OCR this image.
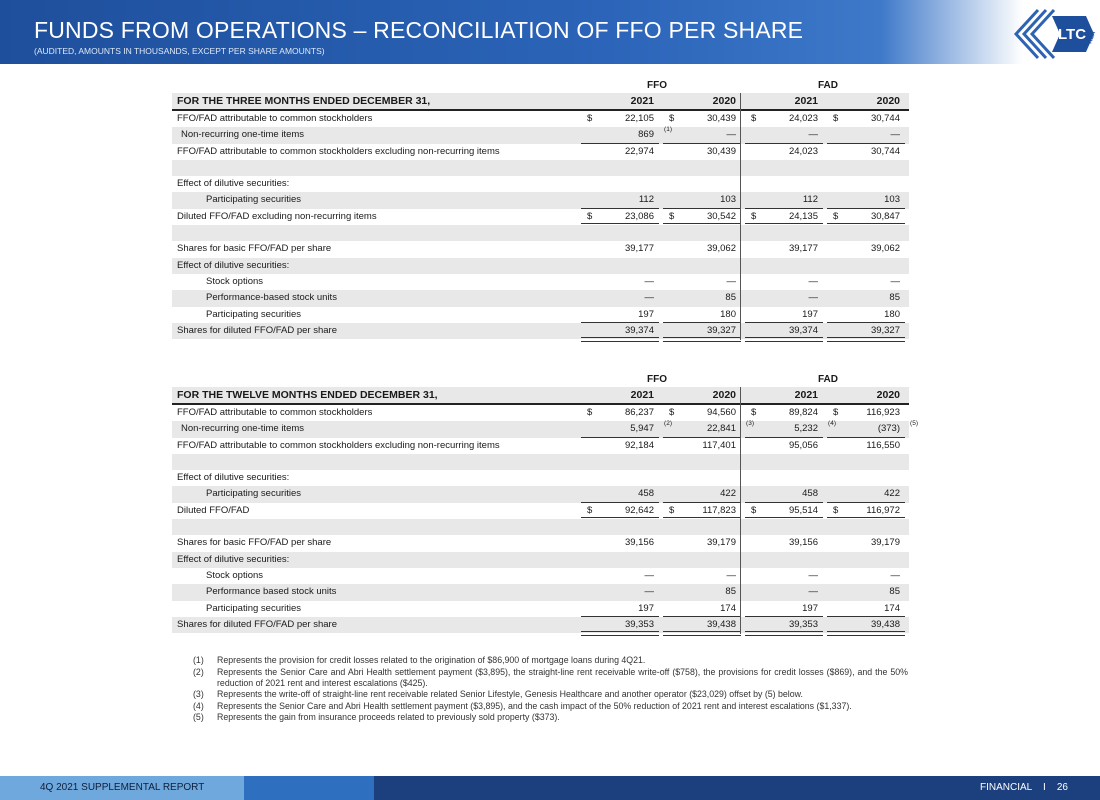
FUNDS FROM OPERATIONS – RECONCILIATION OF FFO PER SHARE
(AUDITED, AMOUNTS IN THOUSANDS, EXCEPT PER SHARE AMOUNTS)
LTC REIT
FFO	FAD
FOR THE THREE MONTHS ENDED DECEMBER 31,	2021	2020	2021	2020
FFO/FAD attributable to common stockholders	$	22,105 $	30,439 $	24,023 $	30,744
Non-recurring one-time items	869 (1)	—	—	—
FFO/FAD attributable to common stockholders excluding non-recurring items	22,974	30,439	24,023	30,744
Effect of dilutive securities:
Participating securities	112	103	112	103
Diluted FFO/FAD excluding non-recurring items	$	23,086 $	30,542 $	24,135 $	30,847
Shares for basic FFO/FAD per share	39,177	39,062	39,177	39,062
Effect of dilutive securities:
Stock options	—	—	—	—
Performance-based stock units	—	85	—	85
Participating securities	197	180	197	180
Shares for diluted FFO/FAD per share	39,374	39,327	39,374	39,327
FFO	FAD
FOR THE TWELVE MONTHS ENDED DECEMBER 31,	2021	2020	2021	2020
FFO/FAD attributable to common stockholders	$	86,237 $	94,560 $	89,824 $	116,923
Non-recurring one-time items	5,947 (2)	22,841 (3)	5,232 (4)	(373) (5)
FFO/FAD attributable to common stockholders excluding non-recurring items	92,184	117,401	95,056	116,550
Effect of dilutive securities:
Participating securities	458	422	458	422
Diluted FFO/FAD	$	92,642 $	117,823 $	95,514 $	116,972
Shares for basic FFO/FAD per share	39,156	39,179	39,156	39,179
Effect of dilutive securities:
Stock options	—	—	—	—
Performance based stock units	—	85	—	85
Participating securities	197	174	197	174
Shares for diluted FFO/FAD per share	39,353	39,438	39,353	39,438
(1) Represents the provision for credit losses related to the origination of $86,900 of mortgage loans during 4Q21.
(2) Represents the Senior Care and Abri Health settlement payment ($3,895), the straight-line rent receivable write-off ($758), the provisions for credit losses ($869), and the 50% reduction of 2021 rent and interest escalations ($425).
(3) Represents the write-off of straight-line rent receivable related Senior Lifestyle, Genesis Healthcare and another operator ($23,029) offset by (5) below.
(4) Represents the Senior Care and Abri Health settlement payment ($3,895), and the cash impact of the 50% reduction of 2021 rent and interest escalations ($1,337).
(5) Represents the gain from insurance proceeds related to previously sold property ($373).
4Q 2021 SUPPLEMENTAL REPORT	FINANCIAL I 26
